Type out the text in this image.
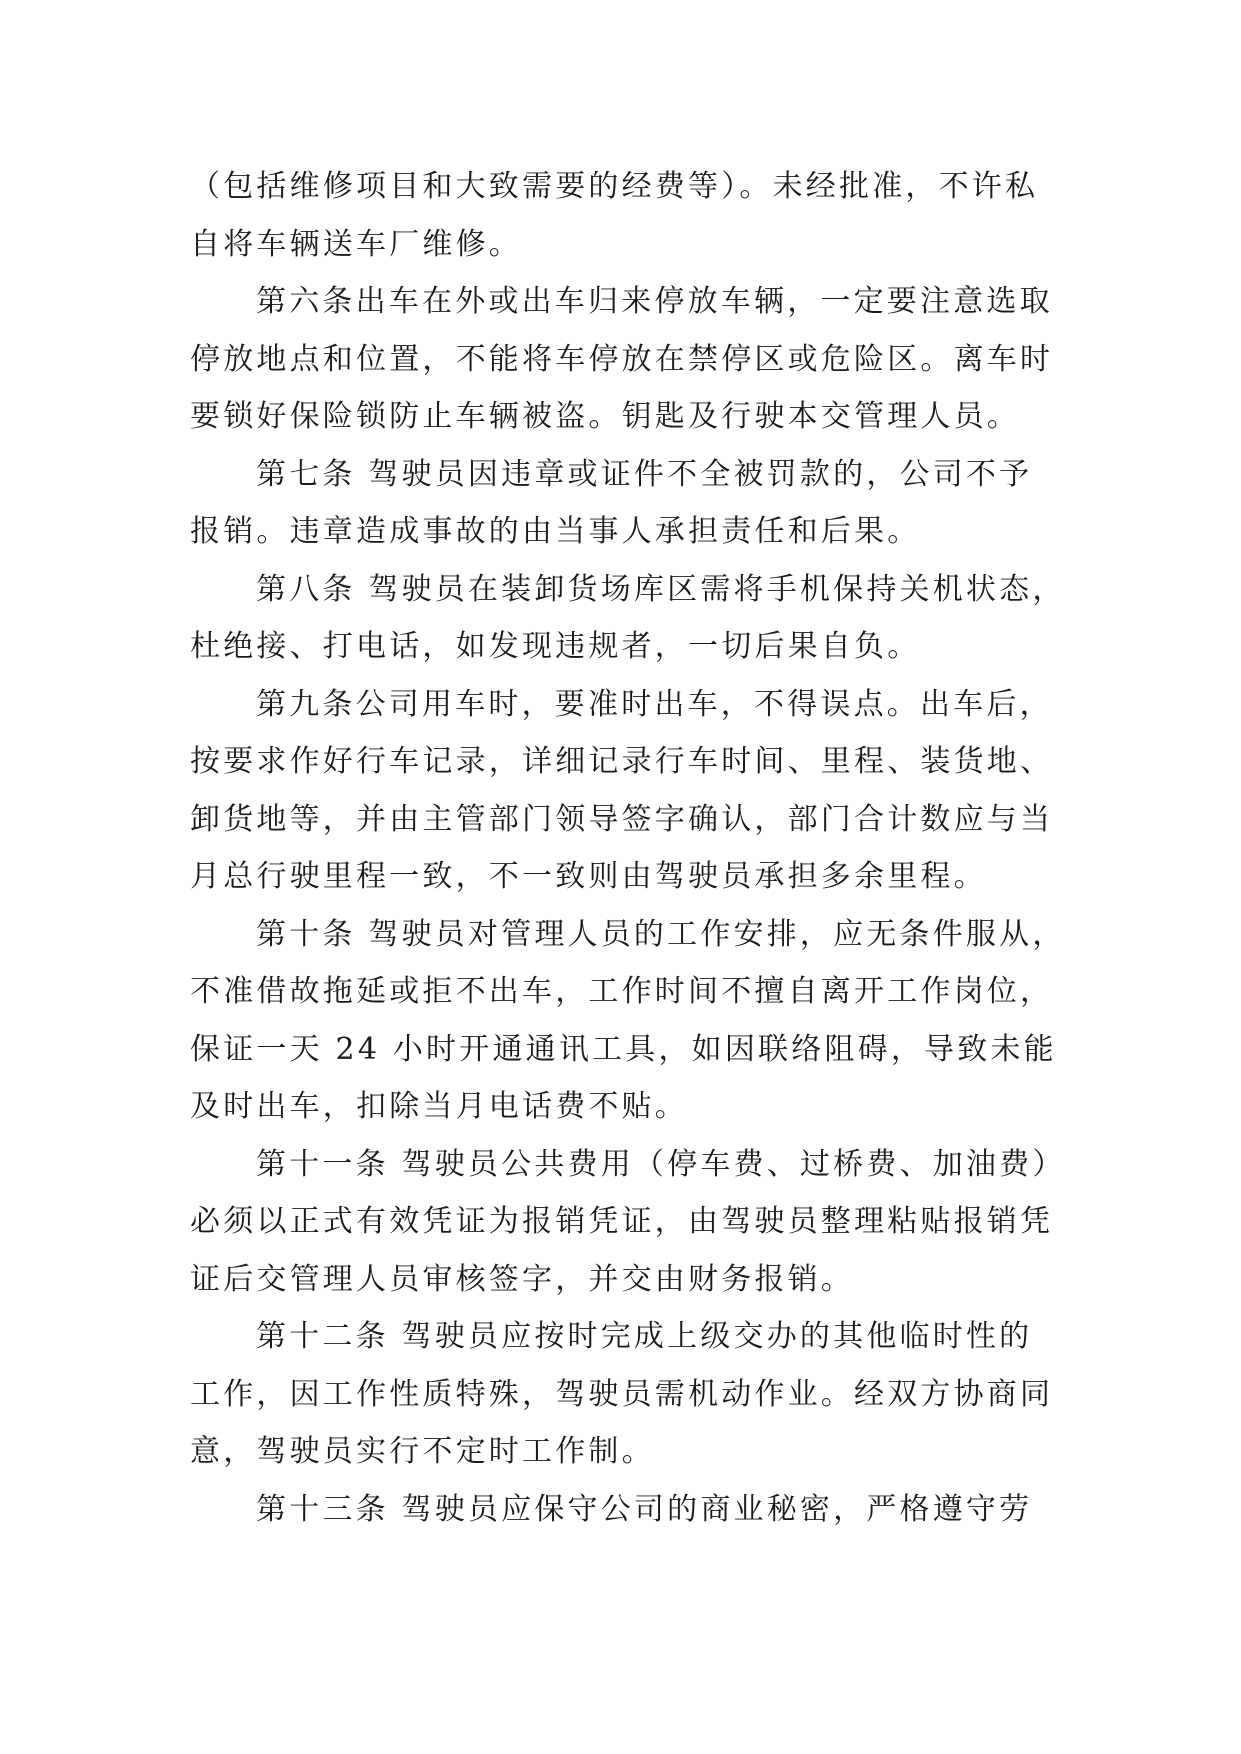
（包括维修项目和大致需要的经费等）。未经批准，不许私
自将车辆送车厂维修。
第六条出车在外或出车归来停放车辆，一定要注意选取
停放地点和位置，不能将车停放在禁停区或危险区。离车时
要锁好保险锁防止车辆被盗。钥匙及行驶本交管理人员。
第七条 驾驶员因违章或证件不全被罚款的，公司不予
报销。违章造成事故的由当事人承担责任和后果。
第八条 驾驶员在装卸货场库区需将手机保持关机状态，
杜绝接、打电话，如发现违规者，一切后果自负。
第九条公司用车时，要准时出车，不得误点。出车后，
按要求作好行车记录，详细记录行车时间、里程、装货地、
卸货地等，并由主管部门领导签字确认，部门合计数应与当
月总行驶里程一致，不一致则由驾驶员承担多余里程。
第十条 驾驶员对管理人员的工作安排，应无条件服从，
不准借故拖延或拒不出车，工作时间不擅自离开工作岗位，
保证一天 24 小时开通通讯工具，如因联络阻碍，导致未能
及时出车，扣除当月电话费不贴。
第十一条 驾驶员公共费用（停车费、过桥费、加油费）
必须以正式有效凭证为报销凭证，由驾驶员整理粘贴报销凭
证后交管理人员审核签字，并交由财务报销。
第十二条 驾驶员应按时完成上级交办的其他临时性的
工作，因工作性质特殊，驾驶员需机动作业。经双方协商同
意，驾驶员实行不定时工作制。
第十三条 驾驶员应保守公司的商业秘密，严格遵守劳
